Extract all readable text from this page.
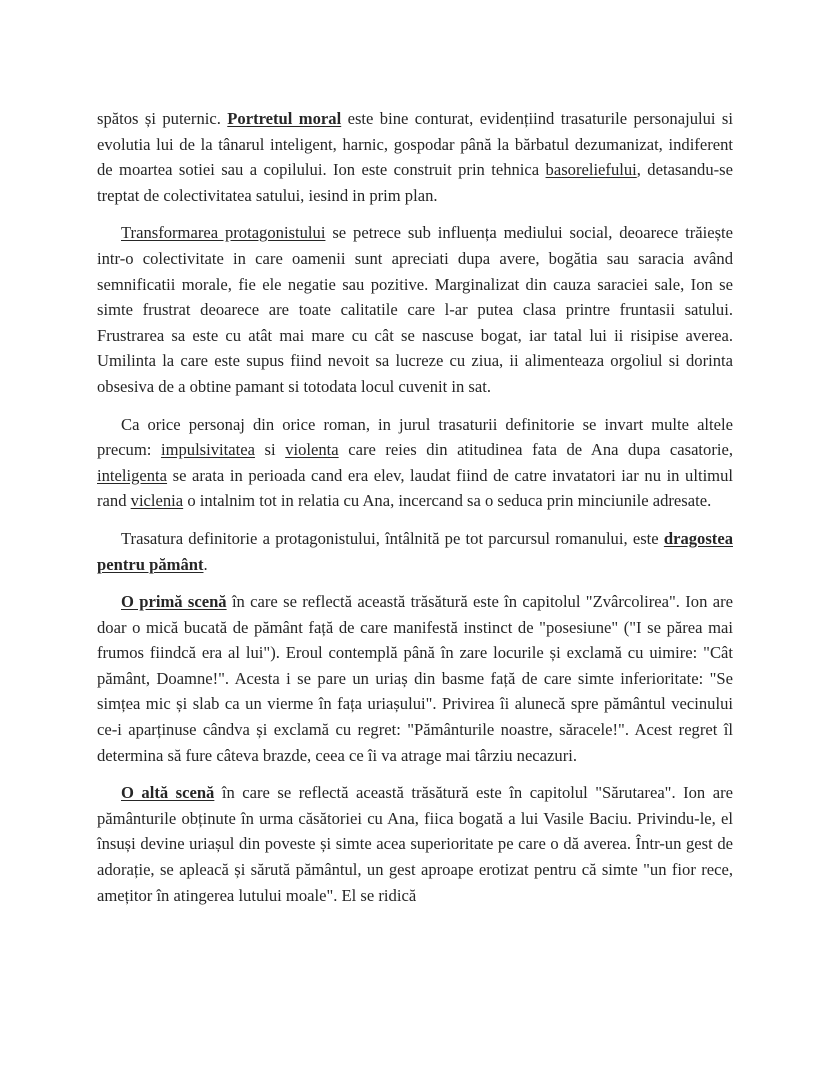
spătos și puternic. Portretul moral este bine conturat, evidențiind trasaturile personajului si evolutia lui de la tânarul inteligent, harnic, gospodar până la bărbatul dezumanizat, indiferent de moartea sotiei sau a copilului. Ion este construit prin tehnica basoreliefului, detasandu-se treptat de colectivitatea satului, iesind in prim plan.

Transformarea protagonistului se petrece sub influența mediului social, deoarece trăiește intr-o colectivitate in care oamenii sunt apreciati dupa avere, bogătia sau saracia având semnificatii morale, fie ele negatie sau pozitive. Marginalizat din cauza saraciei sale, Ion se simte frustrat deoarece are toate calitatile care l-ar putea clasa printre fruntasii satului. Frustrarea sa este cu atât mai mare cu cât se nascuse bogat, iar tatal lui ii risipise averea. Umilinta la care este supus fiind nevoit sa lucreze cu ziua, ii alimenteaza orgoliul si dorinta obsesiva de a obtine pamant si totodata locul cuvenit in sat.

Ca orice personaj din orice roman, in jurul trasaturii definitorie se invart multe altele precum: impulsivitatea si violenta care reies din atitudinea fata de Ana dupa casatorie, inteligenta se arata in perioada cand era elev, laudat fiind de catre invatatori iar nu in ultimul rand viclenia o intalnim tot in relatia cu Ana, incercand sa o seduca prin minciunile adresate.

Trasatura definitorie a protagonistului, întâlnită pe tot parcursul romanului, este dragostea pentru pământ.

O primă scenă în care se reflectă această trăsătură este în capitolul "Zvârcolirea". Ion are doar o mică bucată de pământ față de care manifestă instinct de "posesiune" ("I se părea mai frumos fiindcă era al lui"). Eroul contemplă până în zare locurile și exclamă cu uimire: "Cât pământ, Doamne!". Acesta i se pare un uriaș din basme față de care simte inferioritate: "Se simțea mic și slab ca un vierme în fața uriașului". Privirea îi alunecă spre pământul vecinului ce-i aparținuse cândva și exclamă cu regret: "Pământurile noastre, săracele!". Acest regret îl determina să fure câteva brazde, ceea ce îi va atrage mai târziu necazuri.

O altă scenă în care se reflectă această trăsătură este în capitolul "Sărutarea". Ion are pământurile obținute în urma căsătoriei cu Ana, fiica bogată a lui Vasile Baciu. Privindu-le, el însuși devine uriașul din poveste și simte acea superioritate pe care o dă averea. Într-un gest de adorație, se apleacă și sărută pământul, un gest aproape erotizat pentru că simte "un fior rece, amețitor în atingerea lutului moale". El se ridică
